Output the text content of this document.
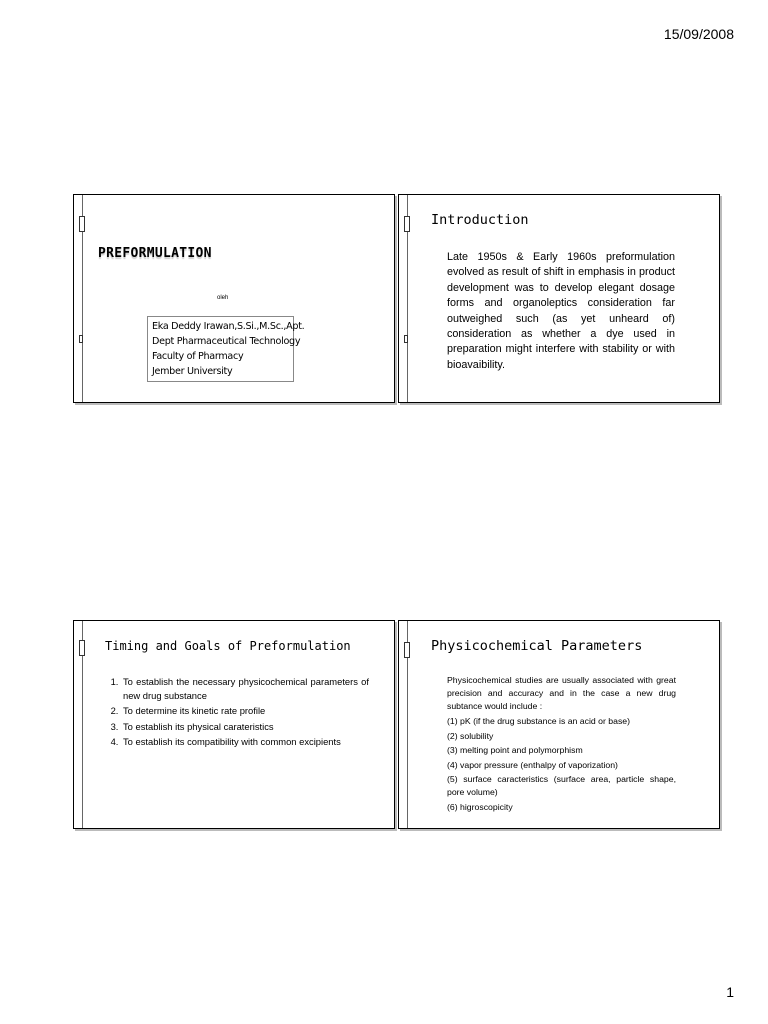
15/09/2008
PREFORMULATION
oleh
Eka Deddy Irawan,S.Si.,M.Sc.,Apt.
Dept Pharmaceutical Technology
Faculty of Pharmacy
Jember University
Introduction
Late 1950s & Early 1960s preformulation evolved as result of shift in emphasis in product development was to develop elegant dosage forms and organoleptics consideration far outweighed such (as yet unheard of) consideration as whether a dye used in preparation might interfere with stability or with bioavaibility.
Timing and Goals of Preformulation
1. To establish the necessary physicochemical parameters of new drug substance
2. To determine its kinetic rate profile
3. To establish its physical carateristics
4. To establish its compatibility with common excipients
Physicochemical Parameters
Physicochemical studies are usually associated with great precision and accuracy and in the case a new drug subtance would include :
(1) pK (if the drug substance is an acid or base)
(2) solubility
(3) melting point and polymorphism
(4) vapor pressure (enthalpy of vaporization)
(5) surface caracteristics (surface area, particle shape, pore volume)
(6) higroscopicity
1
